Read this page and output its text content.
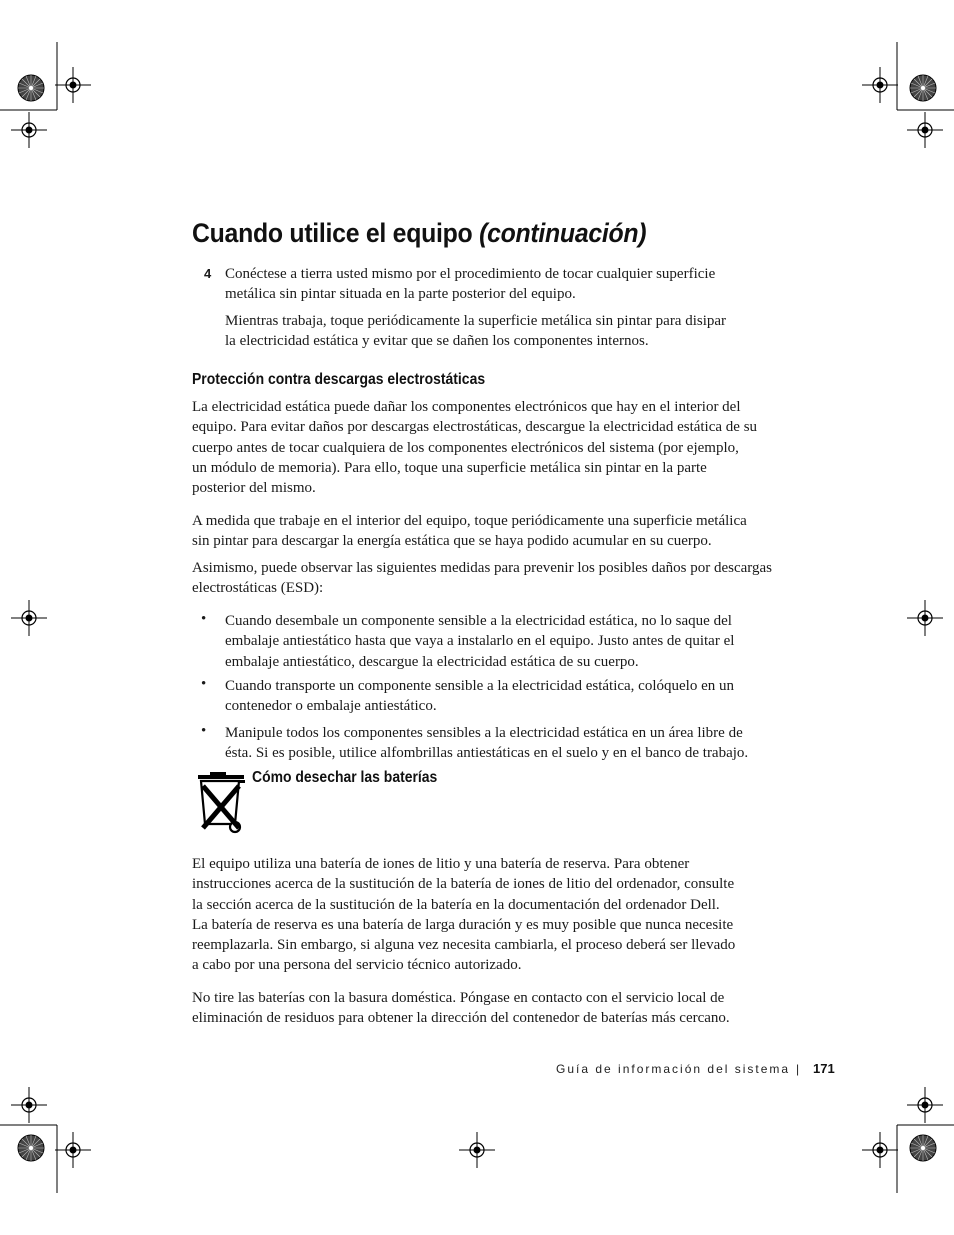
Cuando utilice el equipo (continuación)
4 Conéctese a tierra usted mismo por el procedimiento de tocar cualquier superficie
metálica sin pintar situada en la parte posterior del equipo.

Mientras trabaja, toque periódicamente la superficie metálica sin pintar para disipar
la electricidad estática y evitar que se dañen los componentes internos.

Protección contra descargas electrostáticas

La electricidad estática puede dañar los componentes electrónicos que hay en el interior del
equipo. Para evitar daños por descargas electrostáticas, descargue la electricidad estática de su
cuerpo antes de tocar cualquiera de los componentes electrónicos del sistema (por ejemplo,
un módulo de memoria). Para ello, toque una superficie metálica sin pintar en la parte
posterior del mismo.

A medida que trabaje en el interior del equipo, toque periódicamente una superficie metálica
sin pintar para descargar la energía estática que se haya podido acumular en su cuerpo.

Asimismo, puede observar las siguientes medidas para prevenir los posibles daños por descargas
electrostáticas (ESD):

• Cuando desembale un componente sensible a la electricidad estática, no lo saque del
embalaje antiestático hasta que vaya a instalarlo en el equipo. Justo antes de quitar el
embalaje antiestático, descargue la electricidad estática de su cuerpo.

• Cuando transporte un componente sensible a la electricidad estática, colóquelo en un
contenedor o embalaje antiestático.

• Manipule todos los componentes sensibles a la electricidad estática en un área libre de
ésta. Si es posible, utilice alfombrillas antiestáticas en el suelo y en el banco de trabajo.

Cómo desechar las baterías

El equipo utiliza una batería de iones de litio y una batería de reserva. Para obtener
instrucciones acerca de la sustitución de la batería de iones de litio del ordenador, consulte
la sección acerca de la sustitución de la batería en la documentación del ordenador Dell.
La batería de reserva es una batería de larga duración y es muy posible que nunca necesite
reemplazarla. Sin embargo, si alguna vez necesita cambiarla, el proceso deberá ser llevado
a cabo por una persona del servicio técnico autorizado.

No tire las baterías con la basura doméstica. Póngase en contacto con el servicio local de
eliminación de residuos para obtener la dirección del contenedor de baterías más cercano.

Guía de información del sistema | 171
